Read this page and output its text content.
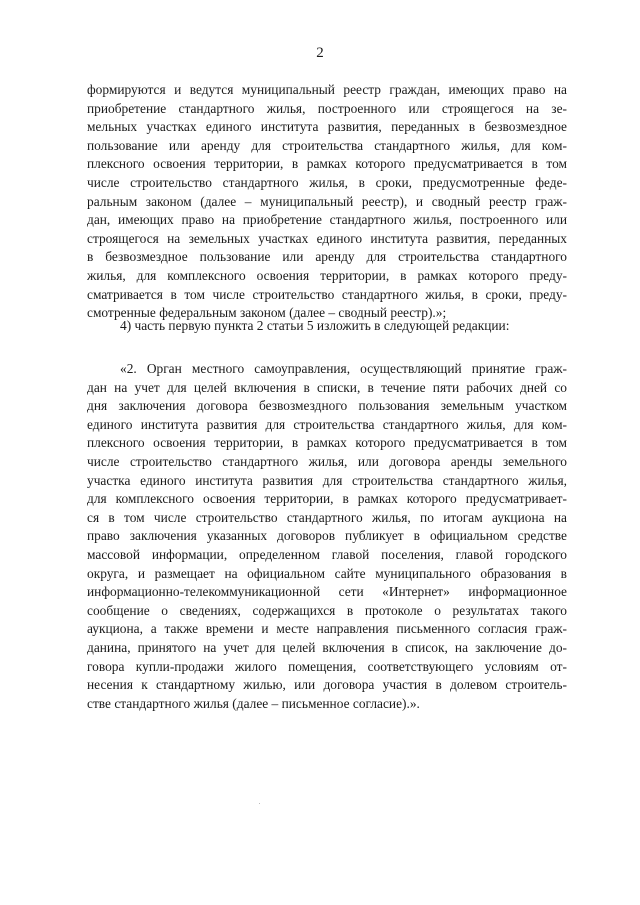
2
формируются и ведутся муниципальный реестр граждан, имеющих право на
приобретение стандартного жилья, построенного или строящегося на зе-
мельных участках единого института развития, переданных в безвозмездное
пользование или аренду для строительства стандартного жилья, для ком-
плексного освоения территории, в рамках которого предусматривается в том
числе строительство стандартного жилья, в сроки, предусмотренные феде-
ральным законом (далее – муниципальный реестр), и сводный реестр граж-
дан, имеющих право на приобретение стандартного жилья, построенного или
строящегося на земельных участках единого института развития, переданных
в безвозмездное пользование или аренду для строительства стандартного
жилья, для комплексного освоения территории, в рамках которого преду-
сматривается в том числе строительство стандартного жилья, в сроки, преду-
смотренные федеральным законом (далее – сводный реестр).»;
4) часть первую пункта 2 статьи 5 изложить в следующей редакции:
«2. Орган местного самоуправления, осуществляющий принятие граж-
дан на учет для целей включения в списки, в течение пяти рабочих дней со
дня заключения договора безвозмездного пользования земельным участком
единого института развития для строительства стандартного жилья, для ком-
плексного освоения территории, в рамках которого предусматривается в том
числе строительство стандартного жилья, или договора аренды земельного
участка единого института развития для строительства стандартного жилья,
для комплексного освоения территории, в рамках которого предусматривает-
ся в том числе строительство стандартного жилья, по итогам аукциона на
право заключения указанных договоров публикует в официальном средстве
массовой информации, определенном главой поселения, главой городского
округа, и размещает на официальном сайте муниципального образования в
информационно-телекоммуникационной сети «Интернет» информационное
сообщение о сведениях, содержащихся в протоколе о результатах такого
аукциона, а также времени и месте направления письменного согласия граж-
данина, принятого на учет для целей включения в список, на заключение до-
говора купли-продажи жилого помещения, соответствующего условиям от-
несения к стандартному жилью, или договора участия в долевом строитель-
стве стандартного жилья (далее – письменное согласие).».
